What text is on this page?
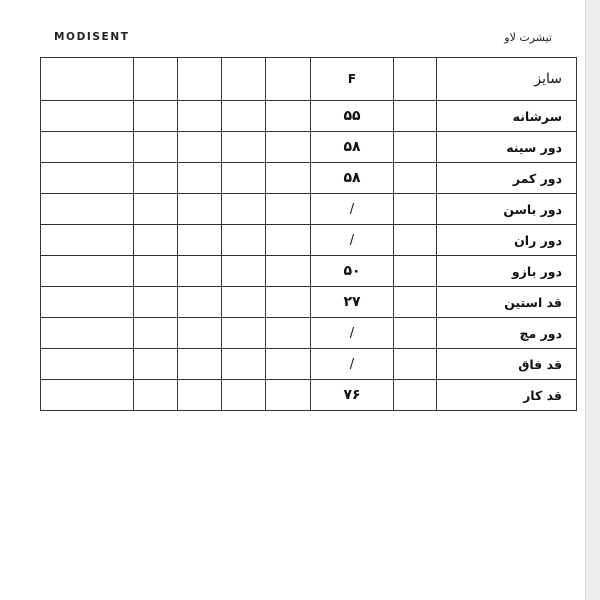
MODISENT	تیشرت لاو
					F		سایز
					۵۵		سرشانه
					۵۸		دور سینه
					۵۸		دور کمر
					/		دور باسن
					/		دور ران
					۵۰		دور بازو
					۲۷		قد استین
					/		دور مچ
					/		قد فاق
					۷۶		قد کار
